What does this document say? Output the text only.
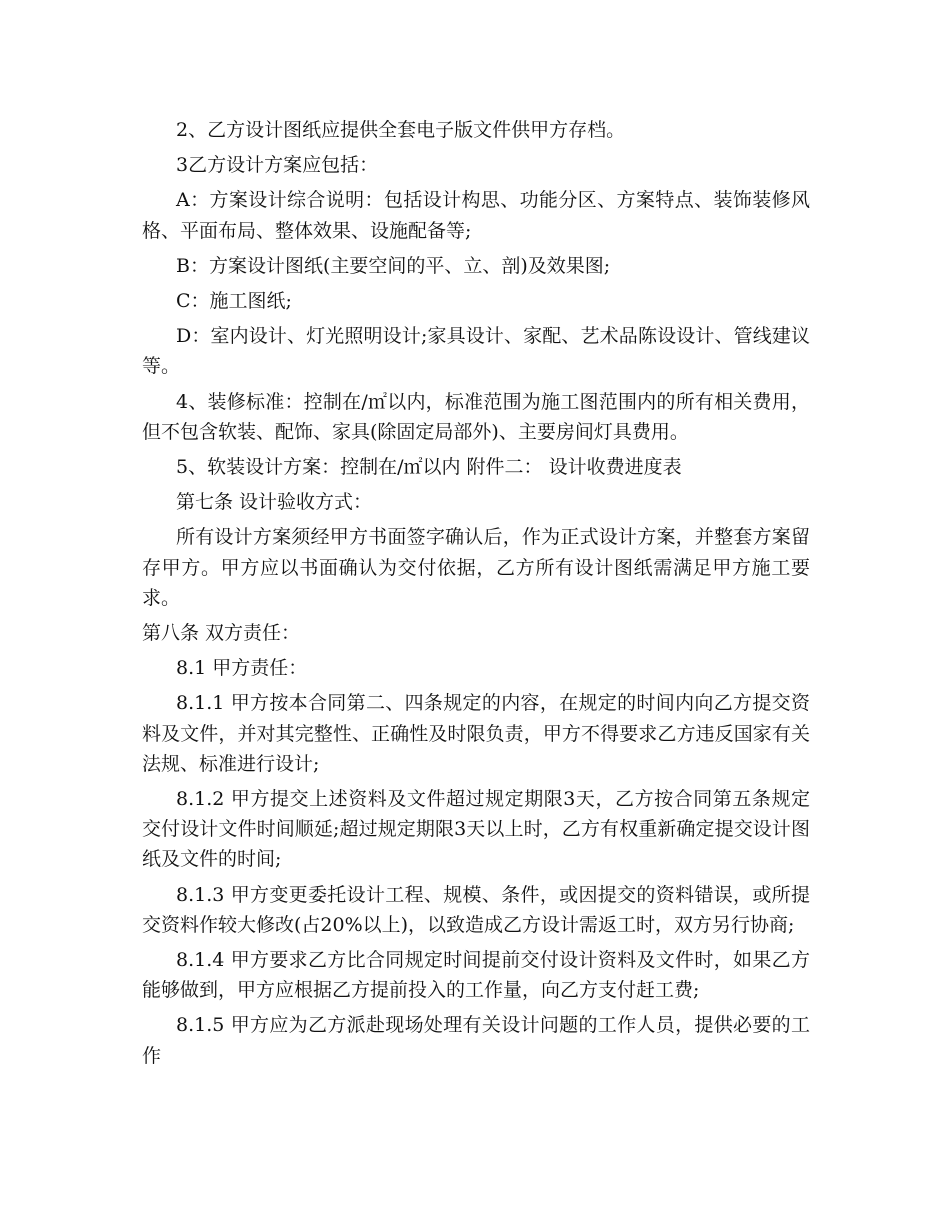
2、乙方设计图纸应提供全套电子版文件供甲方存档。

3乙方设计方案应包括：

A：方案设计综合说明：包括设计构思、功能分区、方案特点、装饰装修风格、平面布局、整体效果、设施配备等;

B：方案设计图纸(主要空间的平、立、剖)及效果图;

C：施工图纸;

D：室内设计、灯光照明设计;家具设计、家配、艺术品陈设设计、管线建议等。

4、装修标准：控制在/㎡以内，标准范围为施工图范围内的所有相关费用，但不包含软装、配饰、家具(除固定局部外)、主要房间灯具费用。

5、软装设计方案：控制在/㎡以内 附件二： 设计收费进度表

第七条 设计验收方式：

所有设计方案须经甲方书面签字确认后，作为正式设计方案，并整套方案留存甲方。甲方应以书面确认为交付依据，乙方所有设计图纸需满足甲方施工要求。

第八条 双方责任：

8.1 甲方责任：

8.1.1 甲方按本合同第二、四条规定的内容，在规定的时间内向乙方提交资料及文件，并对其完整性、正确性及时限负责，甲方不得要求乙方违反国家有关法规、标准进行设计;

8.1.2 甲方提交上述资料及文件超过规定期限3天，乙方按合同第五条规定交付设计文件时间顺延;超过规定期限3天以上时，乙方有权重新确定提交设计图纸及文件的时间;

8.1.3 甲方变更委托设计工程、规模、条件，或因提交的资料错误，或所提交资料作较大修改(占20%以上)，以致造成乙方设计需返工时，双方另行协商;

8.1.4 甲方要求乙方比合同规定时间提前交付设计资料及文件时，如果乙方能够做到，甲方应根据乙方提前投入的工作量，向乙方支付赶工费;

8.1.5 甲方应为乙方派赴现场处理有关设计问题的工作人员，提供必要的工作
